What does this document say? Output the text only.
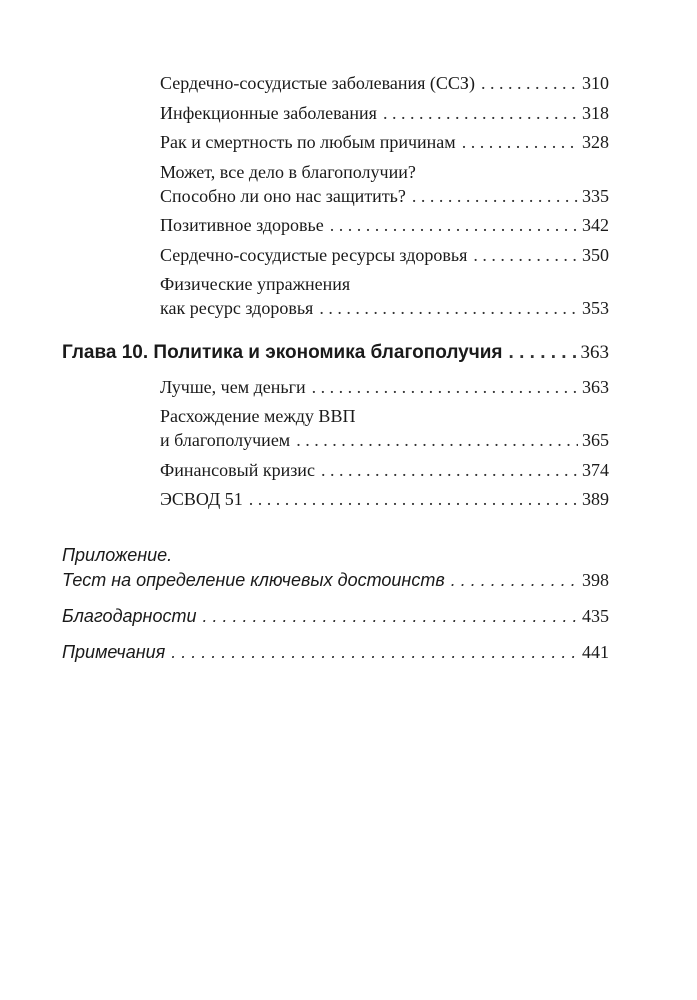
Сердечно-сосудистые заболевания (ССЗ) . . .	310
Инфекционные заболевания . . .	318
Рак и смертность по любым причинам . . .	328
Может, все дело в благополучии?
Способно ли оно нас защитить? . . .	335
Позитивное здоровье . . .	342
Сердечно-сосудистые ресурсы здоровья . . .	350
Физические упражнения
как ресурс здоровья . . .	353
Глава 10. Политика и экономика благополучия . . .	363
Лучше, чем деньги . . .	363
Расхождение между ВВП
и благополучием . . .	365
Финансовый кризис . . .	374
ЭСВОД 51 . . .	389
Приложение.
Тест на определение ключевых достоинств . . .	398
Благодарности . . .	435
Примечания . . .	441
